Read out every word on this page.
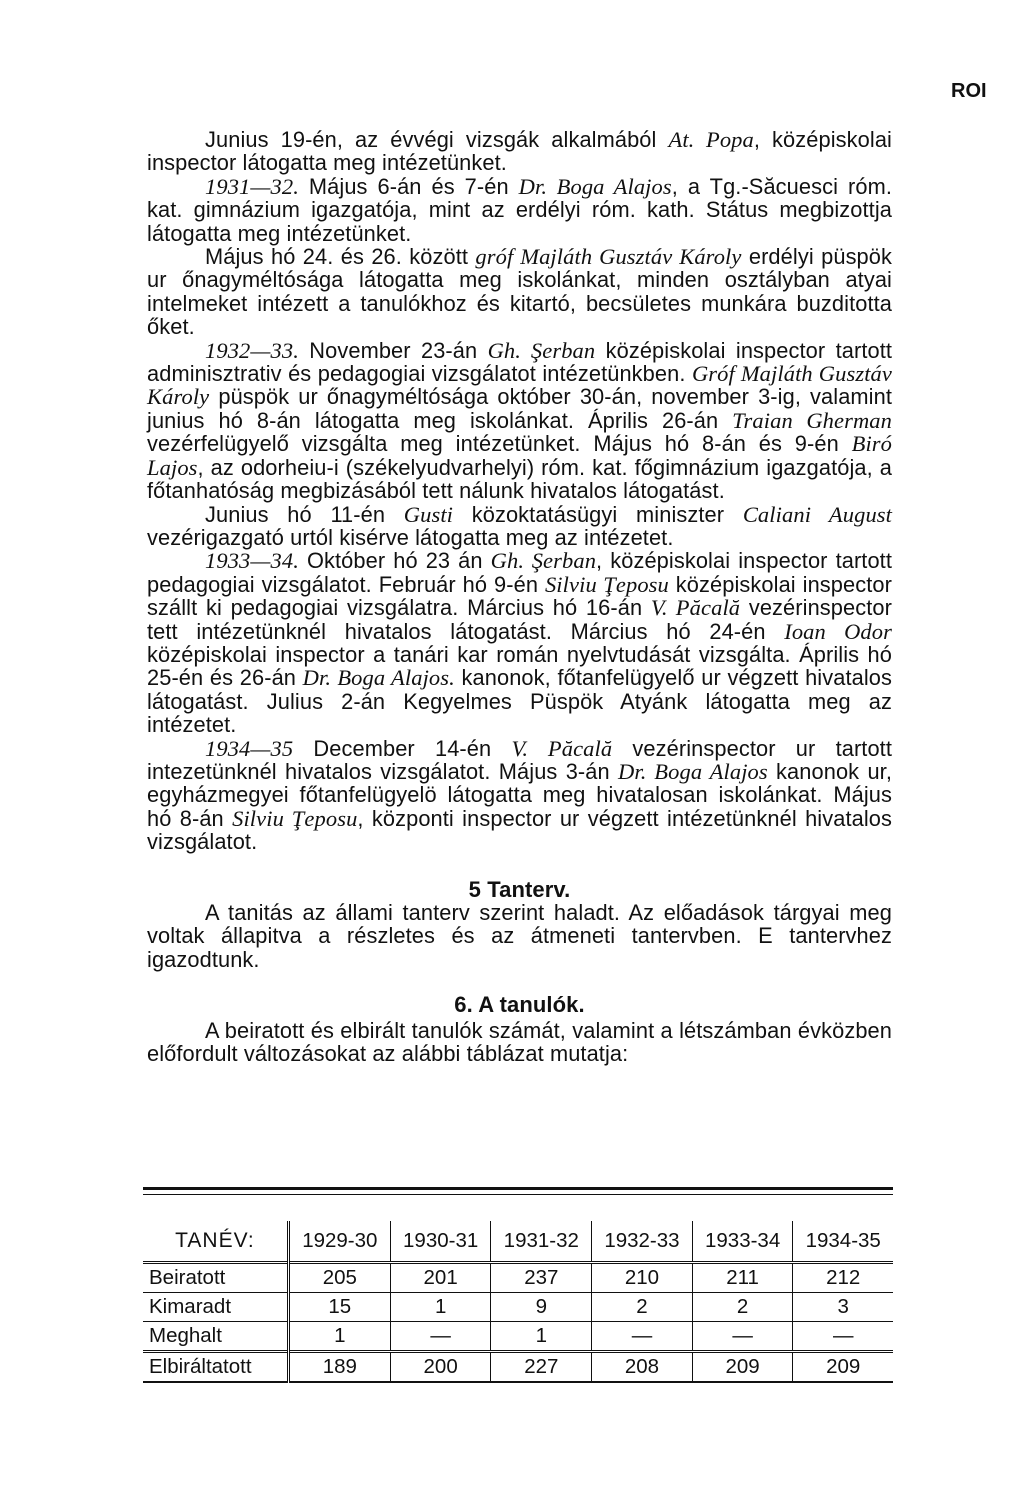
ROI

Junius 19-én, az évvégi vizsgák alkalmából At. Popa, középiskolai inspector látogatta meg intézetünket.

1931—32. Május 6-án és 7-én Dr. Boga Alajos, a Tg.-Săcuesci róm. kat. gimnázium igazgatója, mint az erdélyi róm. kath. Státus megbizottja látogatta meg intézetünket.

Május hó 24. és 26. között gróf Majláth Gusztáv Károly erdélyi püspök ur őnagyméltósága látogatta meg iskolánkat, minden osztályban atyai intelmeket intézett a tanulókhoz és kitartó, becsületes munkára buzditotta őket.

1932—33. November 23-án Gh. Şerban középiskolai inspector tartott adminisztrativ és pedagogiai vizsgálatot intézetünkben. Gróf Majláth Gusztáv Károly püspök ur őnagyméltósága október 30-án, november 3-ig, valamint junius hó 8-án látogatta meg iskolánkat. Április 26-án Traian Gherman vezérfelügyelő vizsgálta meg intézetünket. Május hó 8-án és 9-én Biró Lajos, az odorheiu-i (székelyudvarhelyi) róm. kat. főgimnázium igazgatója, a főtanhatóság megbizásából tett nálunk hivatalos látogatást.

Junius hó 11-én Gusti közoktatásügyi miniszter Caliani August vezérigazgató urtól kisérve látogatta meg az intézetet.

1933—34. Október hó 23 án Gh. Şerban, középiskolai inspector tartott pedagogiai vizsgálatot. Február hó 9-én Silviu Ţeposu középiskolai inspector szállt ki pedagogiai vizsgálatra. Március hó 16-án V. Păcală vezérinspector tett intézetünknél hivatalos látogatást. Március hó 24-én Ioan Odor középiskolai inspector a tanári kar román nyelvtudását vizsgálta. Április hó 25-én és 26-án Dr. Boga Alajos. kanonok, főtanfelügyelő ur végzett hivatalos látogatást. Julius 2-án Kegyelmes Püspök Atyánk látogatta meg az intézetet.

1934—35 December 14-én V. Păcală vezérinspector ur tartott intezetünknél hivatalos vizsgálatot. Május 3-án Dr. Boga Alajos kanonok ur, egyházmegyei főtanfelügyelö látogatta meg hivatalosan iskolánkat. Május hó 8-án Silviu Ţeposu, központi inspector ur végzett intézetünknél hivatalos vizsgálatot.

5 Tanterv.

A tanitás az állami tanterv szerint haladt. Az előadások tárgyai meg voltak állapitva a részletes és az átmeneti tantervben. E tantervhez igazodtunk.

6. A tanulók.

A beiratott és elbirált tanulók számát, valamint a létszámban évközben előfordult változásokat az alábbi táblázat mutatja:

TANÉV:	1929-30	1930-31	1931-32	1932-33	1933-34	1934-35
Beiratott	205	201	237	210	211	212
Kimaradt	15	1	9	2	2	3
Meghalt	1	—	1	—	—	—
Elbiráltatott	189	200	227	208	209	209
